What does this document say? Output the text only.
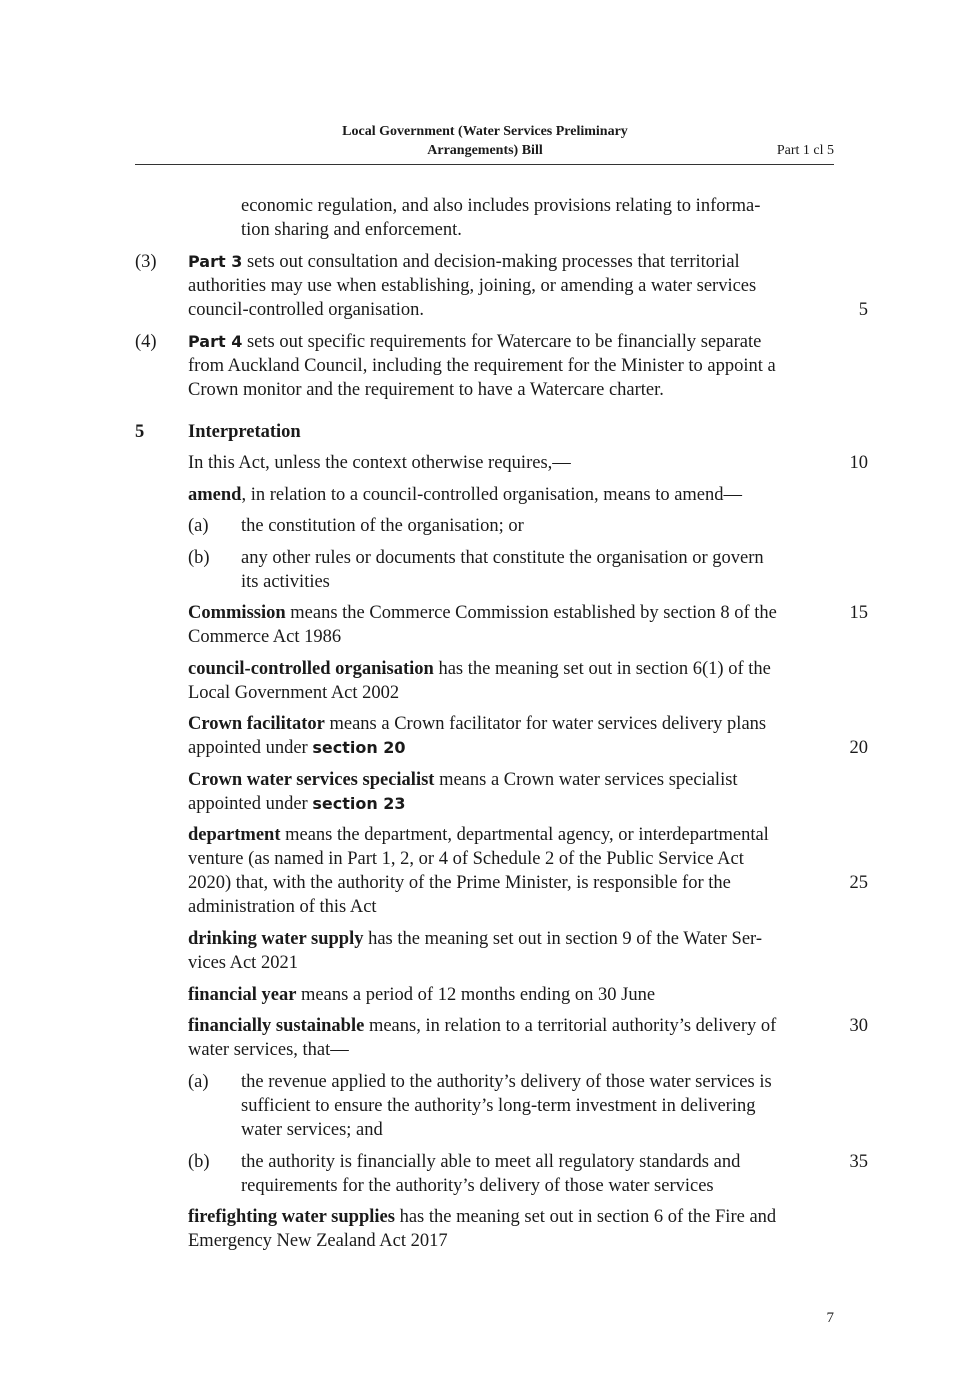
Local Government (Water Services Preliminary
Arrangements) Bill	Part 1 cl 5
economic regulation, and also includes provisions relating to informa-
tion sharing and enforcement.
(3) Part 3 sets out consultation and decision-making processes that territorial
authorities may use when establishing, joining, or amending a water services
council-controlled organisation.	5
(4) Part 4 sets out specific requirements for Watercare to be financially separate
from Auckland Council, including the requirement for the Minister to appoint a
Crown monitor and the requirement to have a Watercare charter.
5 Interpretation
In this Act, unless the context otherwise requires,—	10
amend, in relation to a council-controlled organisation, means to amend—
(a) the constitution of the organisation; or
(b) any other rules or documents that constitute the organisation or govern
its activities
Commission means the Commerce Commission established by section 8 of the
Commerce Act 1986
15
council-controlled organisation has the meaning set out in section 6(1) of the
Local Government Act 2002
Crown facilitator means a Crown facilitator for water services delivery plans
appointed under section 20	20
Crown water services specialist means a Crown water services specialist
appointed under section 23
department means the department, departmental agency, or interdepartmental
venture (as named in Part 1, 2, or 4 of Schedule 2 of the Public Service Act
2020) that, with the authority of the Prime Minister, is responsible for the
administration of this Act
25
drinking water supply has the meaning set out in section 9 of the Water Ser-
vices Act 2021
financial year means a period of 12 months ending on 30 June
financially sustainable means, in relation to a territorial authority’s delivery of
water services, that—
30
(a) the revenue applied to the authority’s delivery of those water services is
sufficient to ensure the authority’s long-term investment in delivering
water services; and
(b) the authority is financially able to meet all regulatory standards and
requirements for the authority’s delivery of those water services
35
firefighting water supplies has the meaning set out in section 6 of the Fire and
Emergency New Zealand Act 2017
7
